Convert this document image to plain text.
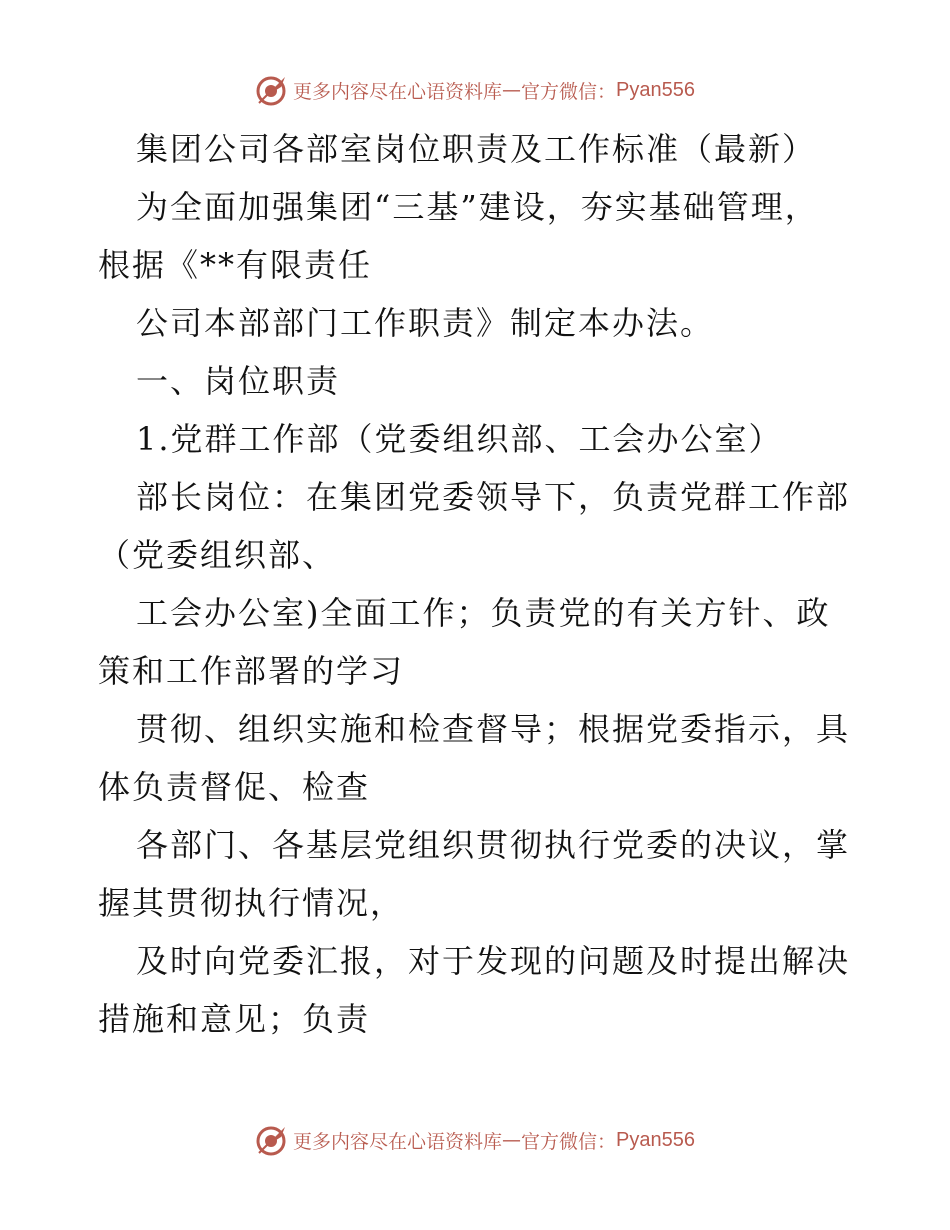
更多内容尽在心语资料库 — 官方微信： Pyan556
集团公司各部室岗位职责及工作标准（最新）
为全面加强集团“三基”建设，夯实基础管理，
根据《**有限责任
公司本部部门工作职责》制定本办法。
一、岗位职责
1.党群工作部（党委组织部、工会办公室）
部长岗位：在集团党委领导下，负责党群工作部
（党委组织部、
工会办公室)全面工作；负责党的有关方针、政
策和工作部署的学习
贯彻、组织实施和检查督导；根据党委指示，具
体负责督促、检查
各部门、各基层党组织贯彻执行党委的决议，掌
握其贯彻执行情况，
及时向党委汇报，对于发现的问题及时提出解决
措施和意见；负责
更多内容尽在心语资料库 — 官方微信： Pyan556
